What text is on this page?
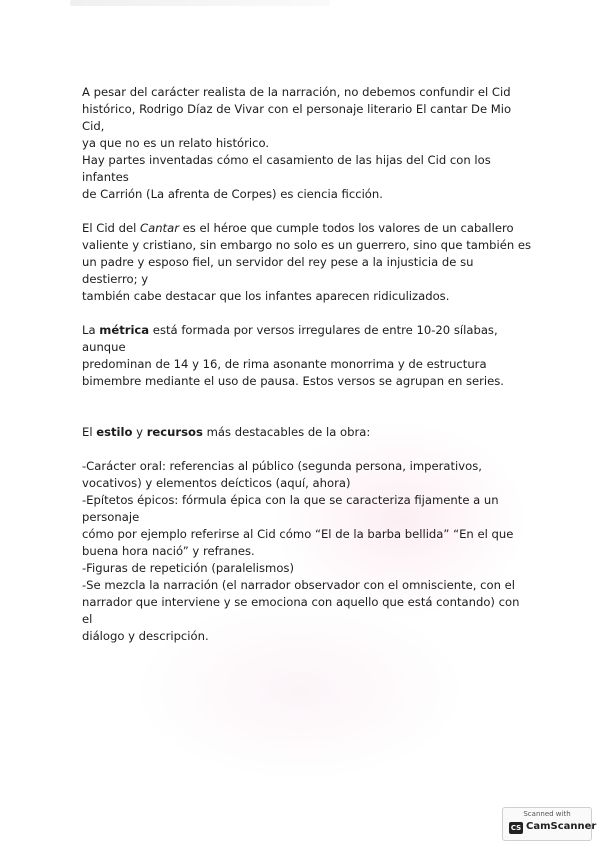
A pesar del carácter realista de la narración, no debemos confundir el Cid

histórico, Rodrigo Díaz de Vivar con el personaje literario El cantar De Mio Cid,

ya que no es un relato histórico.

Hay partes inventadas cómo el casamiento de las hijas del Cid con los infantes

de Carrión (La afrenta de Corpes) es ciencia ficción.

El Cid del Cantar es el héroe que cumple todos los valores de un caballero

valiente y cristiano, sin embargo no solo es un guerrero, sino que también es

un padre y esposo fiel, un servidor del rey pese a la injusticia de su destierro; y

también cabe destacar que los infantes aparecen ridiculizados.

La métrica está formada por versos irregulares de entre 10-20 sílabas, aunque

predominan de 14 y 16, de rima asonante monorrima y de estructura

bimembre mediante el uso de pausa. Estos versos se agrupan en series.

El estilo y recursos más destacables de la obra:

-Carácter oral: referencias al público (segunda persona, imperativos,

vocativos) y elementos deícticos (aquí, ahora)

-Epítetos épicos: fórmula épica con la que se caracteriza fijamente a un

personaje

cómo por ejemplo referirse al Cid cómo “El de la barba bellida” “En el que

buena hora nació” y refranes.

-Figuras de repetición (paralelismos)

-Se mezcla la narración (el narrador observador con el omnisciente, con el

narrador que interviene y se emociona con aquello que está contando) con el

diálogo y descripción.

Scanned with
CS CamScanner
